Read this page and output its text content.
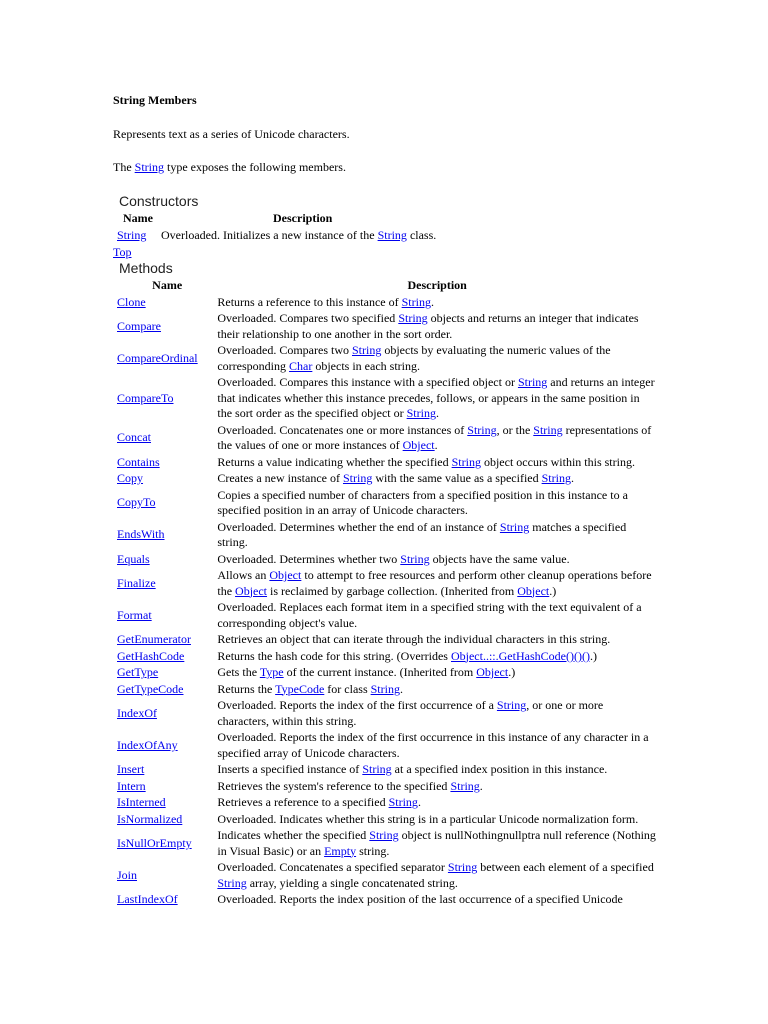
String Members
Represents text as a series of Unicode characters.
The String type exposes the following members.
Constructors
Name	Description
String	Overloaded. Initializes a new instance of the String class.
Top
Methods
Name	Description
Clone	Returns a reference to this instance of String.
Compare	Overloaded. Compares two specified String objects and returns an integer that indicates their relationship to one another in the sort order.
CompareOrdinal	Overloaded. Compares two String objects by evaluating the numeric values of the corresponding Char objects in each string.
CompareTo	Overloaded. Compares this instance with a specified object or String and returns an integer that indicates whether this instance precedes, follows, or appears in the same position in the sort order as the specified object or String.
Concat	Overloaded. Concatenates one or more instances of String, or the String representations of the values of one or more instances of Object.
Contains	Returns a value indicating whether the specified String object occurs within this string.
Copy	Creates a new instance of String with the same value as a specified String.
CopyTo	Copies a specified number of characters from a specified position in this instance to a specified position in an array of Unicode characters.
EndsWith	Overloaded. Determines whether the end of an instance of String matches a specified string.
Equals	Overloaded. Determines whether two String objects have the same value.
Finalize	Allows an Object to attempt to free resources and perform other cleanup operations before the Object is reclaimed by garbage collection. (Inherited from Object.)
Format	Overloaded. Replaces each format item in a specified string with the text equivalent of a corresponding object's value.
GetEnumerator	Retrieves an object that can iterate through the individual characters in this string.
GetHashCode	Returns the hash code for this string. (Overrides Object..::.GetHashCode()()().)
GetType	Gets the Type of the current instance. (Inherited from Object.)
GetTypeCode	Returns the TypeCode for class String.
IndexOf	Overloaded. Reports the index of the first occurrence of a String, or one or more characters, within this string.
IndexOfAny	Overloaded. Reports the index of the first occurrence in this instance of any character in a specified array of Unicode characters.
Insert	Inserts a specified instance of String at a specified index position in this instance.
Intern	Retrieves the system's reference to the specified String.
IsInterned	Retrieves a reference to a specified String.
IsNormalized	Overloaded. Indicates whether this string is in a particular Unicode normalization form.
IsNullOrEmpty	Indicates whether the specified String object is nullNothingnullptra null reference (Nothing in Visual Basic) or an Empty string.
Join	Overloaded. Concatenates a specified separator String between each element of a specified String array, yielding a single concatenated string.
LastIndexOf	Overloaded. Reports the index position of the last occurrence of a specified Unicode
